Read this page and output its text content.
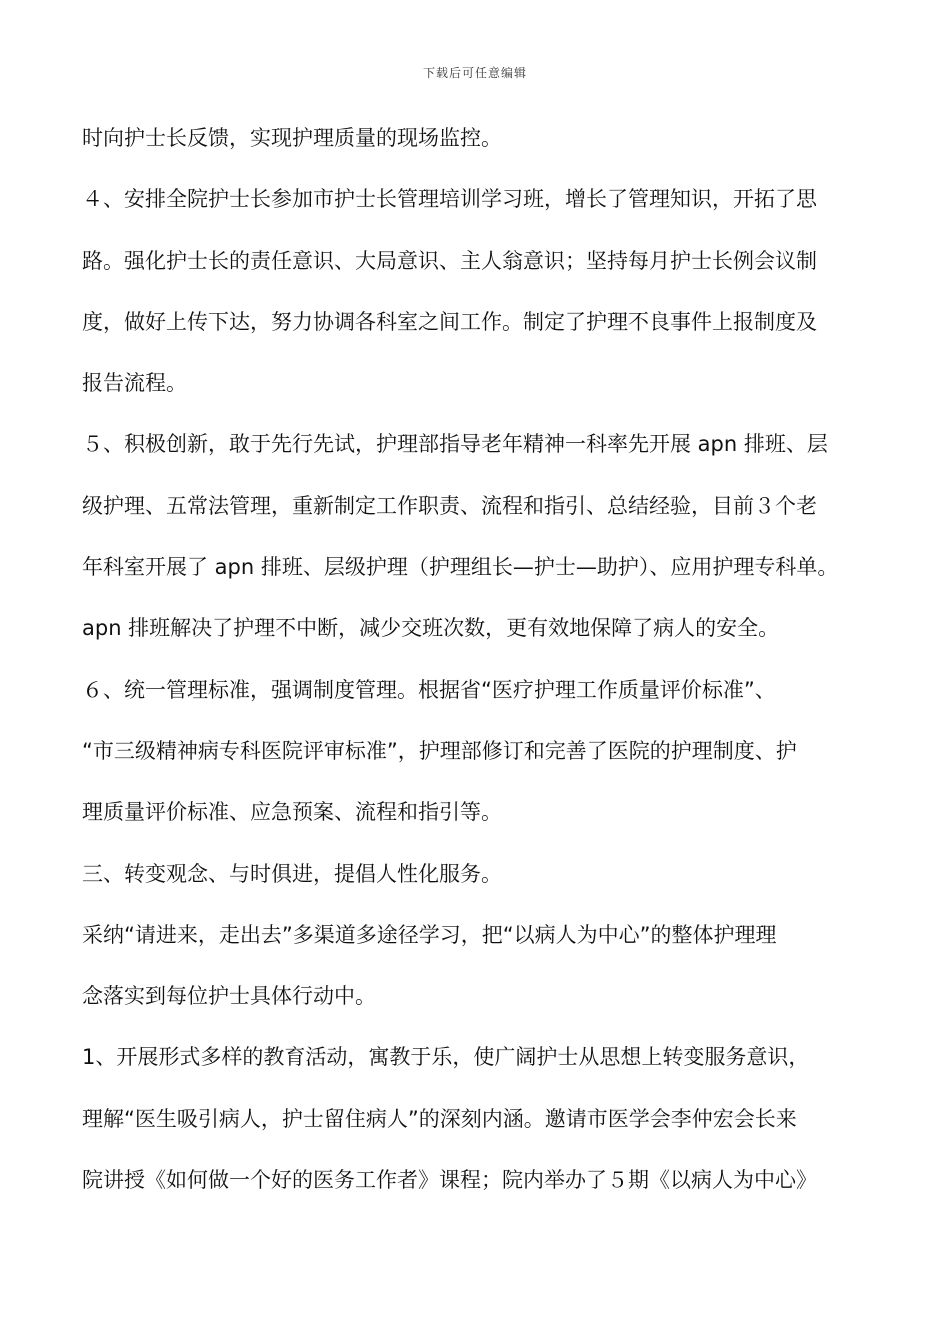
下载后可任意编辑
时向护士长反馈，实现护理质量的现场监控。
４、安排全院护士长参加市护士长管理培训学习班，增长了管理知识，开拓了思
路。强化护士长的责任意识、大局意识、主人翁意识；坚持每月护士长例会议制
度，做好上传下达，努力协调各科室之间工作。制定了护理不良事件上报制度及
报告流程。
５、积极创新，敢于先行先试，护理部指导老年精神一科率先开展 apn 排班、层
级护理、五常法管理，重新制定工作职责、流程和指引、总结经验，目前３个老
年科室开展了 apn 排班、层级护理（护理组长—护士—助护）、应用护理专科单。
apn 排班解决了护理不中断，减少交班次数，更有效地保障了病人的安全。
６、统一管理标准，强调制度管理。根据省“医疗护理工作质量评价标准”、
“市三级精神病专科医院评审标准”，护理部修订和完善了医院的护理制度、护
理质量评价标准、应急预案、流程和指引等。
三、转变观念、与时俱进，提倡人性化服务。
采纳“请进来，走出去”多渠道多途径学习，把“以病人为中心”的整体护理理
念落实到每位护士具体行动中。
1、开展形式多样的教育活动，寓教于乐，使广阔护士从思想上转变服务意识，
理解“医生吸引病人，护士留住病人”的深刻内涵。邀请市医学会李仲宏会长来
院讲授《如何做一个好的医务工作者》课程；院内举办了５期《以病人为中心》
